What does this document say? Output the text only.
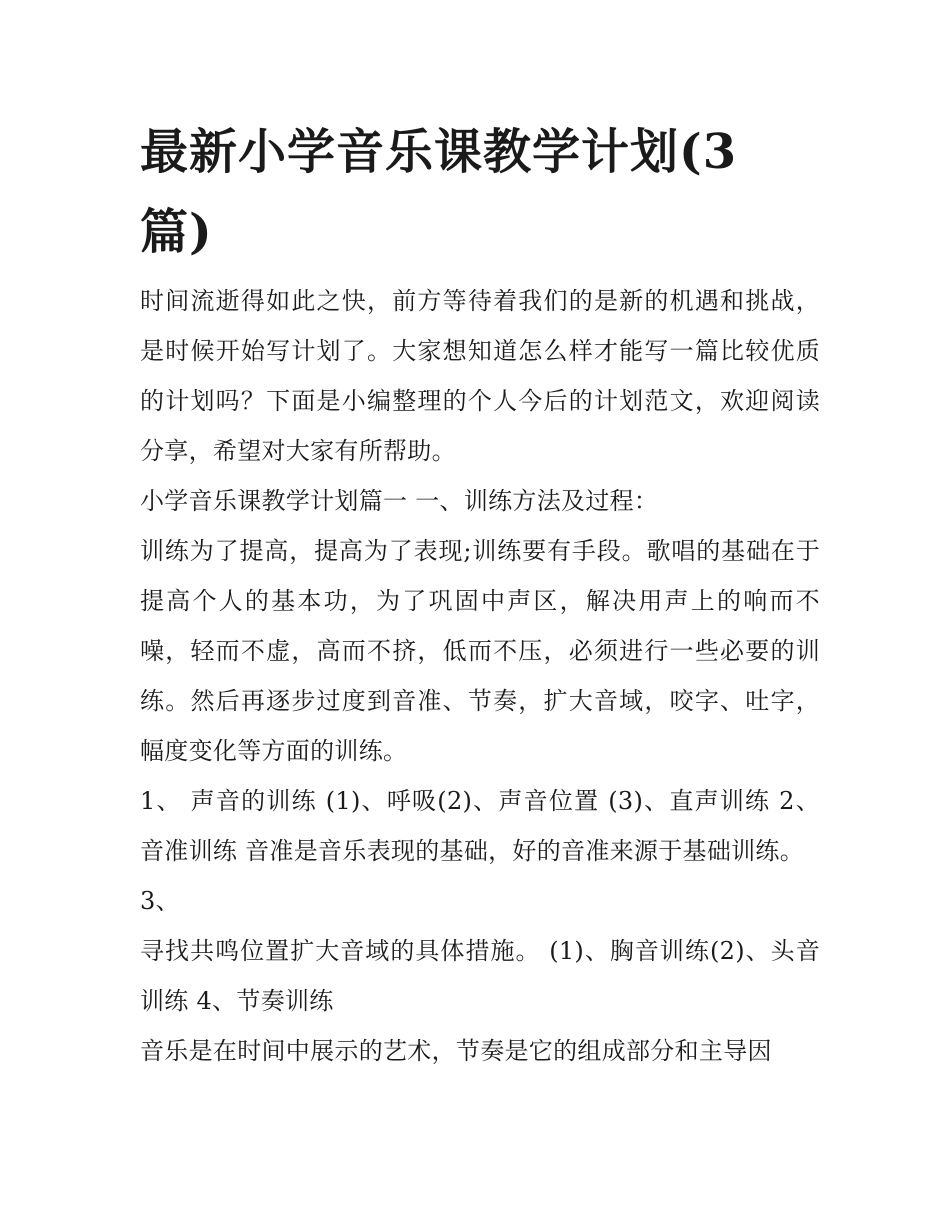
最新小学音乐课教学计划(3篇)

时间流逝得如此之快，前方等待着我们的是新的机遇和挑战，是时候开始写计划了。大家想知道怎么样才能写一篇比较优质的计划吗？下面是小编整理的个人今后的计划范文，欢迎阅读分享，希望对大家有所帮助。

小学音乐课教学计划篇一 一、训练方法及过程：

训练为了提高，提高为了表现;训练要有手段。歌唱的基础在于提高个人的基本功，为了巩固中声区，解决用声上的响而不噪，轻而不虚，高而不挤，低而不压，必须进行一些必要的训练。然后再逐步过度到音准、节奏，扩大音域，咬字、吐字，幅度变化等方面的训练。

1、 声音的训练 (1)、呼吸(2)、声音位置 (3)、直声训练 2、 音准训练 音准是音乐表现的基础，好的音准来源于基础训练。

3、

寻找共鸣位置扩大音域的具体措施。 (1)、胸音训练(2)、头音训练 4、节奏训练

音乐是在时间中展示的艺术，节奏是它的组成部分和主导因
